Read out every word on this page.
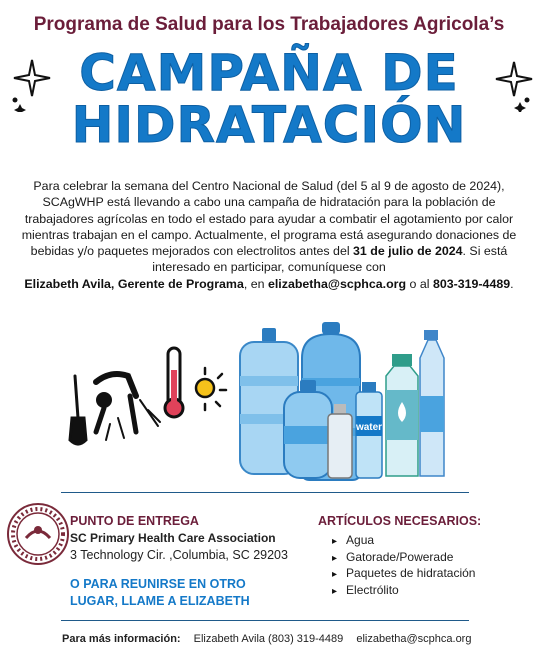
Programa de Salud para los Trabajadores Agricola’s
CAMPAÑA DE
HIDRATACIÓN
Para celebrar la semana del Centro Nacional de Salud (del 5 al 9 de agosto de 2024),
SCAgWHP está llevando a cabo una campaña de hidratación para la población de
trabajadores agrícolas en todo el estado para ayudar a combatir el agotamiento por calor
mientras trabajan en el campo. Actualmente, el programa está asegurando donaciones de
bebidas y/o paquetes mejorados con electrolitos antes del 31 de julio de 2024. Si está
interesado en participar, comuníquese con
Elizabeth Avila, Gerente de Programa, en elizabetha@scphca.org o al 803-319-4489.
water
PUNTO DE ENTREGA
SC Primary Health Care Association
3 Technology Cir. ,Columbia, SC 29203
O PARA REUNIRSE EN OTRO
LUGAR, LLAME A ELIZABETH
ARTÍCULOS NECESARIOS:
▸ Agua
▸ Gatorade/Powerade
▸ Paquetes de hidratación
▸ Electrólito
Para más información: Elizabeth Avila (803) 319-4489 elizabetha@scphca.org
